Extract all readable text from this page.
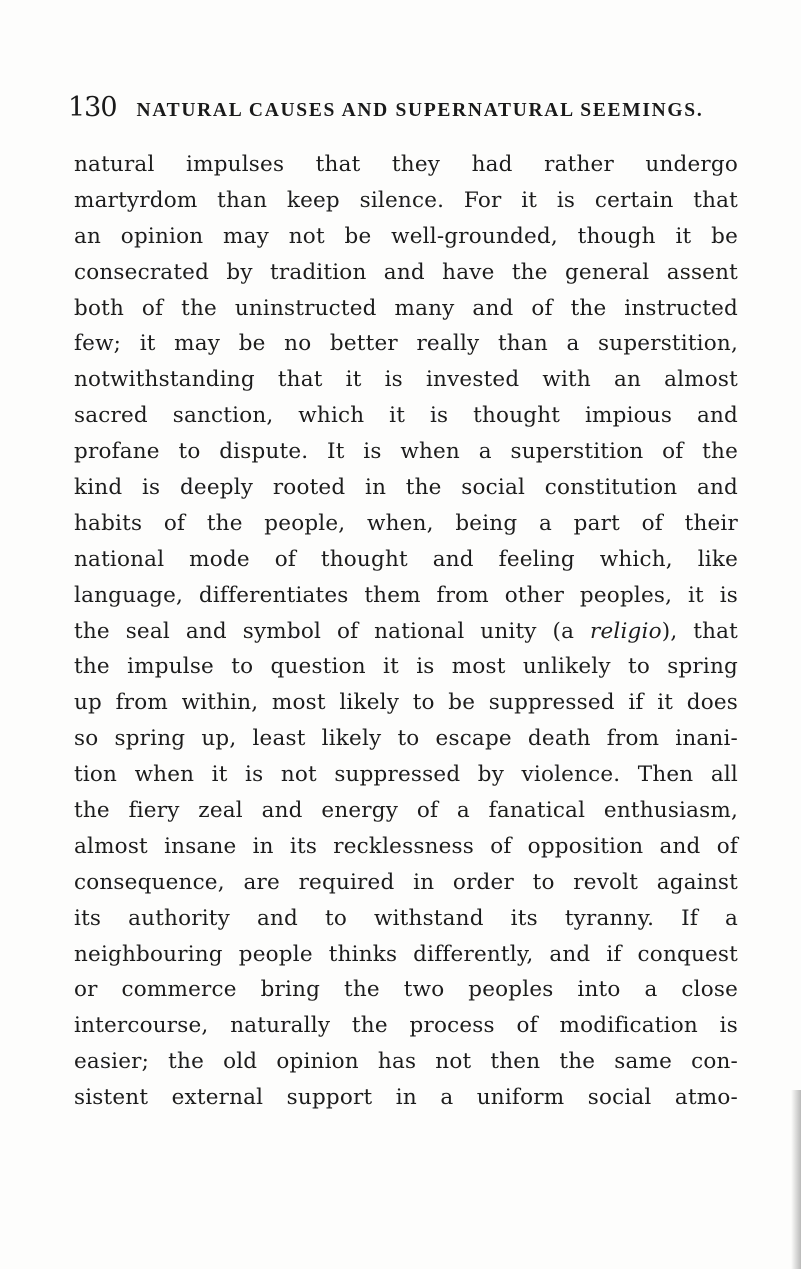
130 NATURAL CAUSES AND SUPERNATURAL SEEMINGS.
natural impulses that they had rather undergo
martyrdom than keep silence. For it is certain that
an opinion may not be well-grounded, though it be
consecrated by tradition and have the general assent
both of the uninstructed many and of the instructed
few; it may be no better really than a superstition,
notwithstanding that it is invested with an almost
sacred sanction, which it is thought impious and
profane to dispute. It is when a superstition of the
kind is deeply rooted in the social constitution and
habits of the people, when, being a part of their
national mode of thought and feeling which, like
language, differentiates them from other peoples, it is
the seal and symbol of national unity (a religio), that
the impulse to question it is most unlikely to spring
up from within, most likely to be suppressed if it does
so spring up, least likely to escape death from inani-
tion when it is not suppressed by violence. Then all
the fiery zeal and energy of a fanatical enthusiasm,
almost insane in its recklessness of opposition and of
consequence, are required in order to revolt against
its authority and to withstand its tyranny. If a
neighbouring people thinks differently, and if conquest
or commerce bring the two peoples into a close
intercourse, naturally the process of modification is
easier; the old opinion has not then the same con-
sistent external support in a uniform social atmo-
